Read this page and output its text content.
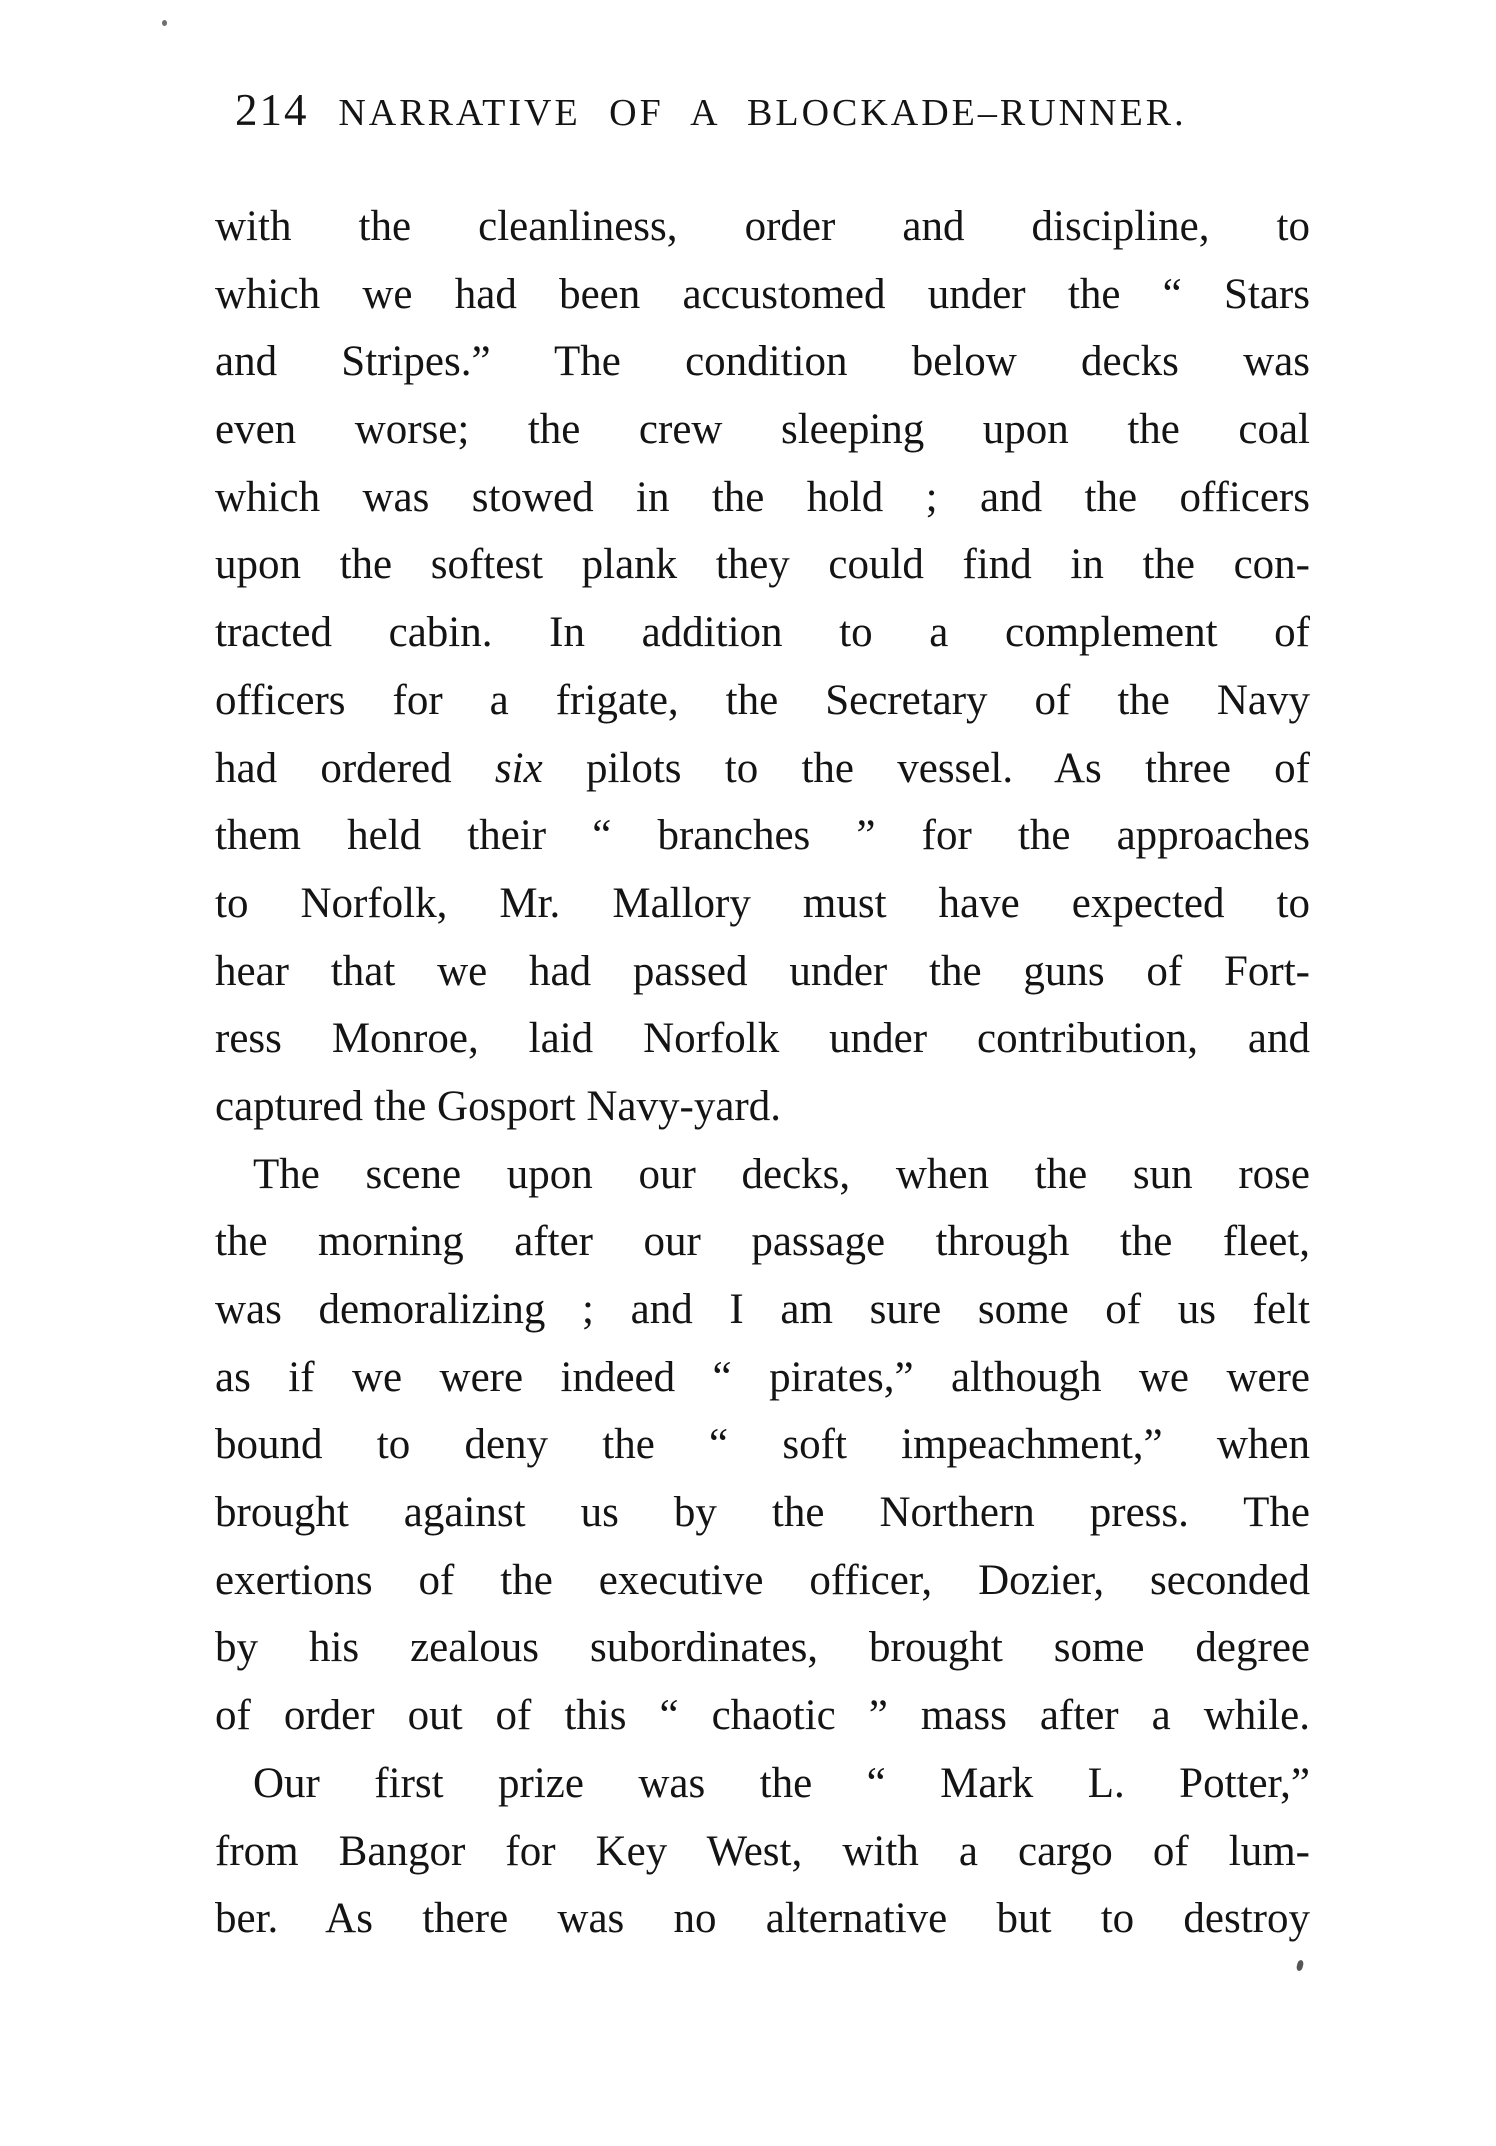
214 NARRATIVE OF A BLOCKADE–RUNNER.
with the cleanliness, order and discipline, to
which we had been accustomed under the “ Stars
and Stripes.” The condition below decks was
even worse; the crew sleeping upon the coal
which was stowed in the hold ; and the officers
upon the softest plank they could find in the con-
tracted cabin. In addition to a complement of
officers for a frigate, the Secretary of the Navy
had ordered six pilots to the vessel. As three of
them held their “ branches ” for the approaches
to Norfolk, Mr. Mallory must have expected to
hear that we had passed under the guns of Fort-
ress Monroe, laid Norfolk under contribution, and
captured the Gosport Navy-yard.
The scene upon our decks, when the sun rose
the morning after our passage through the fleet,
was demoralizing ; and I am sure some of us felt
as if we were indeed “ pirates,” although we were
bound to deny the “ soft impeachment,” when
brought against us by the Northern press. The
exertions of the executive officer, Dozier, seconded
by his zealous subordinates, brought some degree
of order out of this “ chaotic ” mass after a while.
Our first prize was the “ Mark L. Potter,”
from Bangor for Key West, with a cargo of lum-
ber. As there was no alternative but to destroy
